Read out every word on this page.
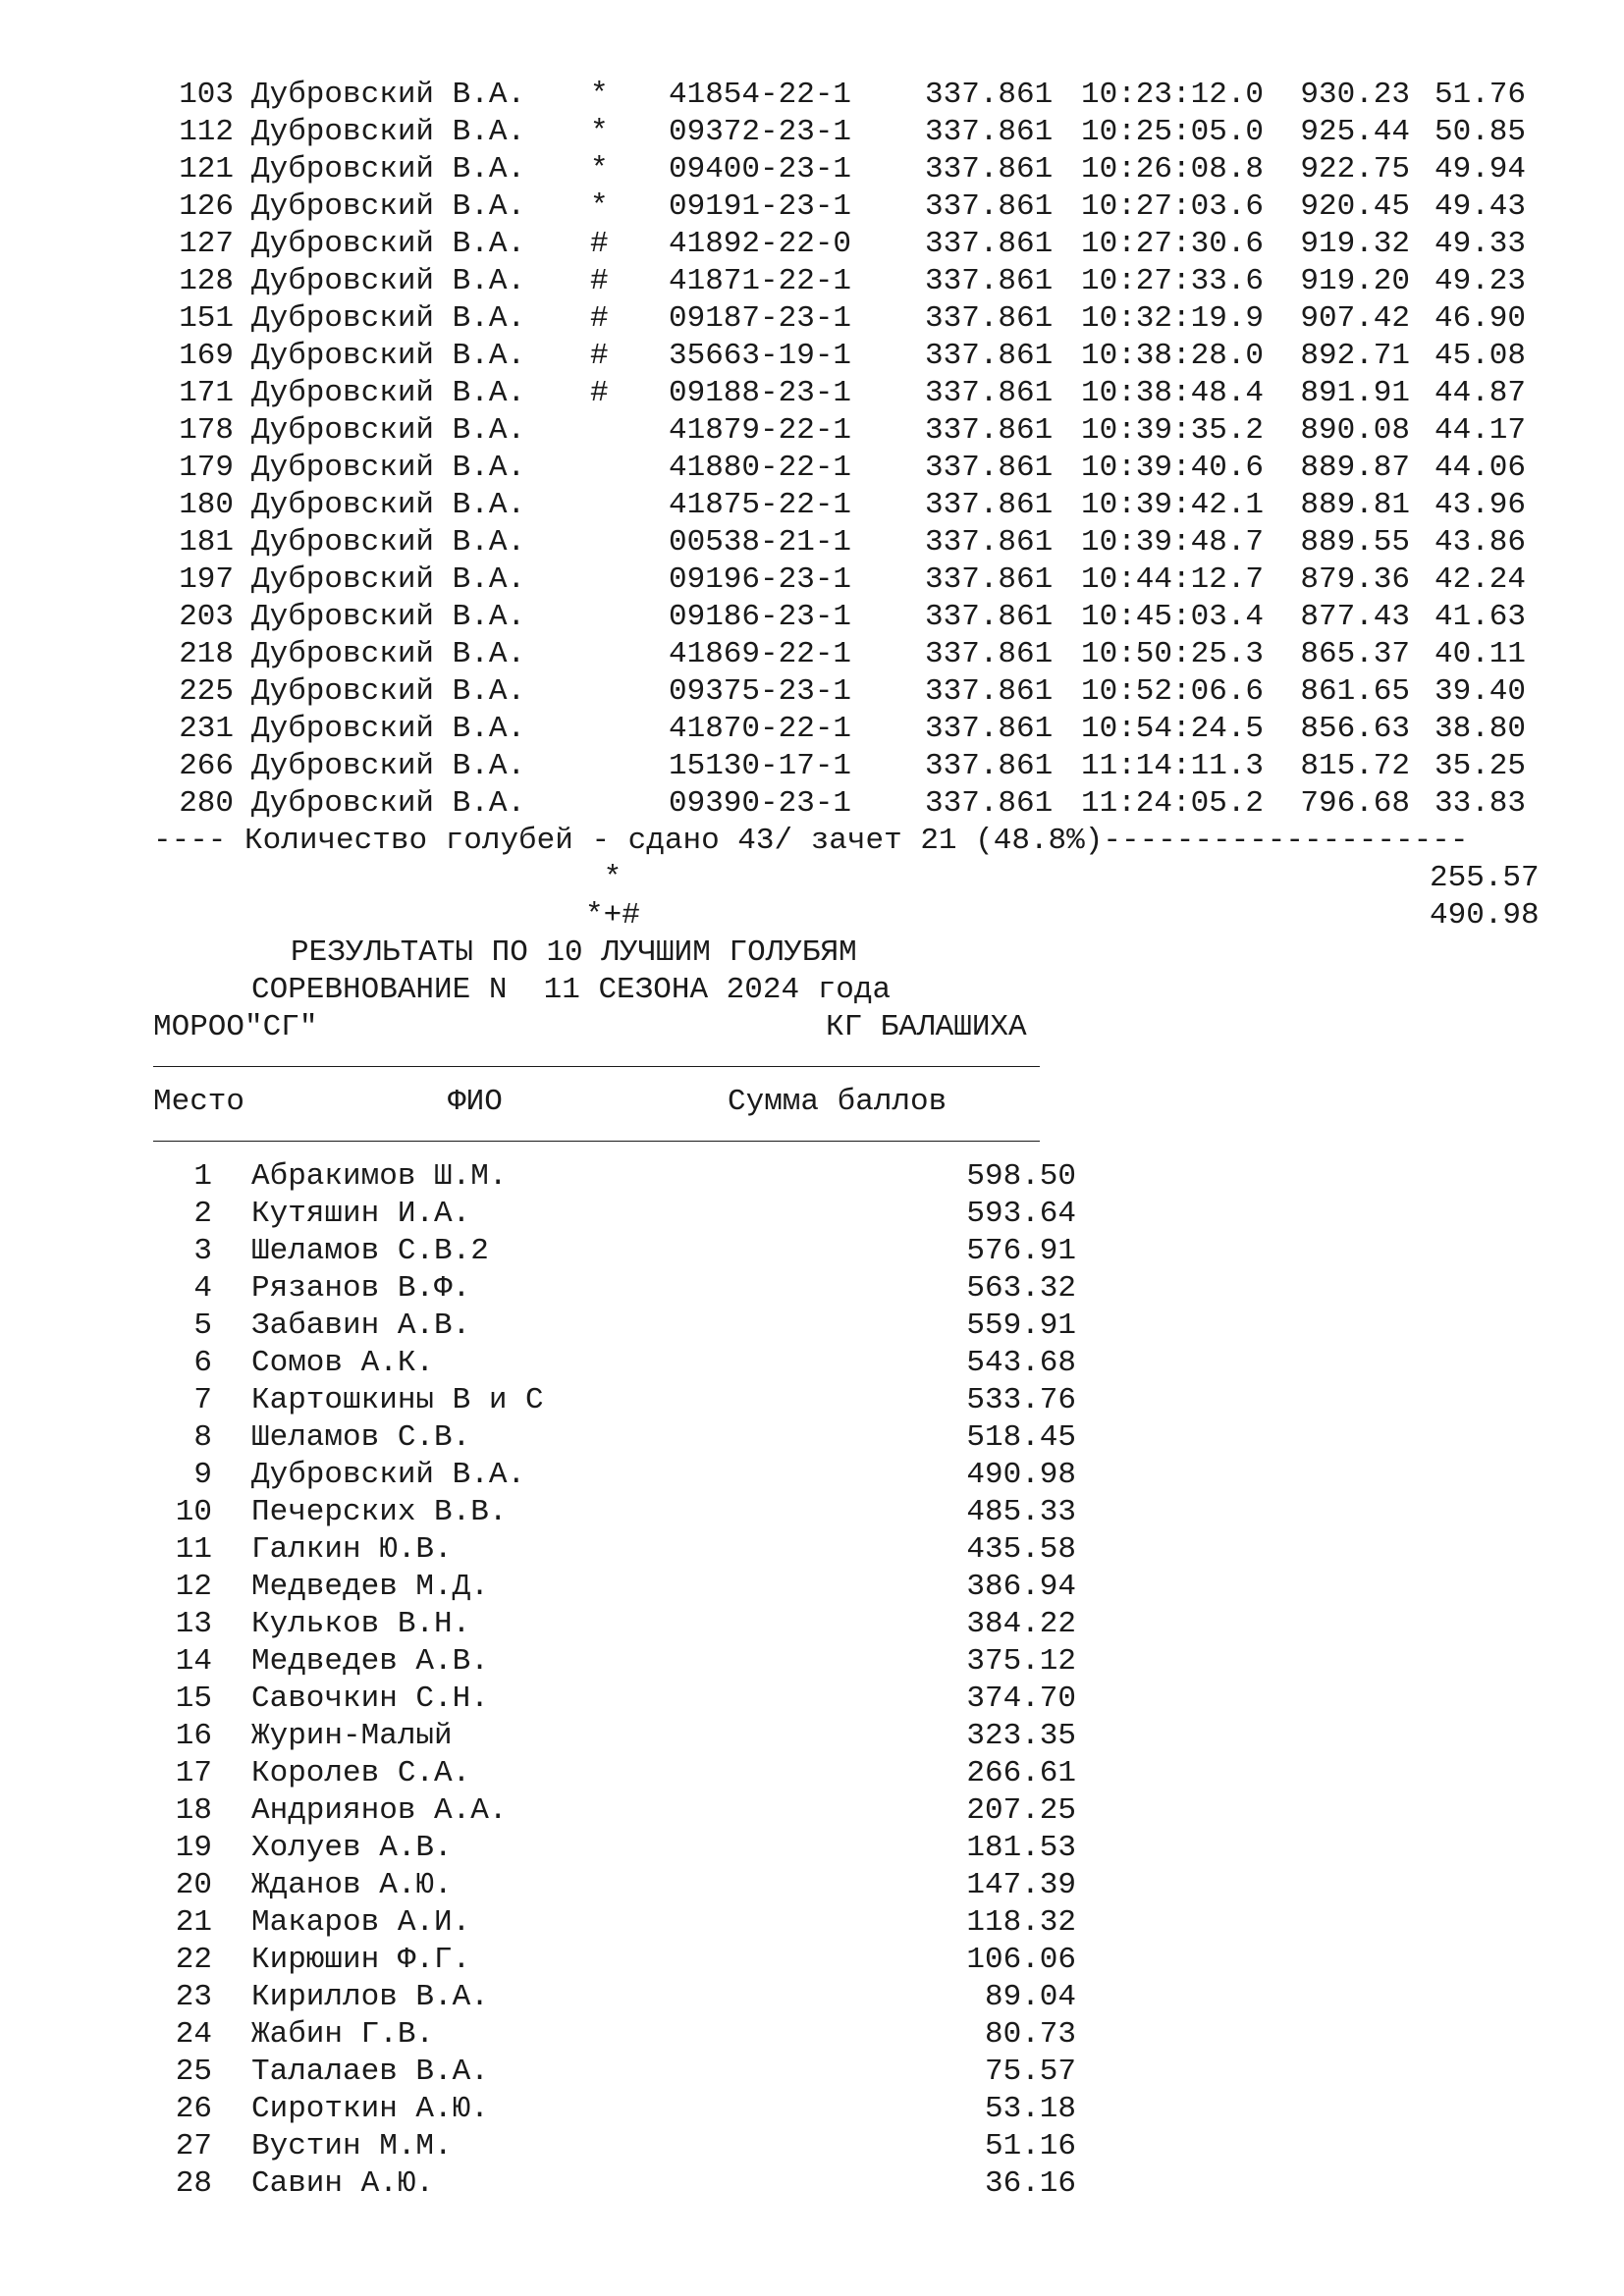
103 Дубровский В.А. * 41854-22-1 337.861 10:23:12.0	930.23 51.76
112 Дубровский В.А. * 09372-23-1 337.861 10:25:05.0	925.44 50.85
121 Дубровский В.А. * 09400-23-1 337.861 10:26:08.8	922.75 49.94
126 Дубровский В.А. * 09191-23-1 337.861 10:27:03.6	920.45 49.43
127 Дубровский В.А. # 41892-22-0 337.861 10:27:30.6	919.32 49.33
128 Дубровский В.А. # 41871-22-1 337.861 10:27:33.6	919.20 49.23
151 Дубровский В.А. # 09187-23-1 337.861 10:32:19.9	907.42 46.90
169 Дубровский В.А. # 35663-19-1 337.861 10:38:28.0	892.71 45.08
171 Дубровский В.А. # 09188-23-1 337.861 10:38:48.4	891.91 44.87
178 Дубровский В.А.	41879-22-1 337.861 10:39:35.2	890.08 44.17
179 Дубровский В.А.	41880-22-1 337.861 10:39:40.6	889.87 44.06
180 Дубровский В.А.	41875-22-1 337.861 10:39:42.1	889.81 43.96
181 Дубровский В.А.	00538-21-1 337.861 10:39:48.7	889.55 43.86
197 Дубровский В.А.	09196-23-1 337.861 10:44:12.7	879.36 42.24
203 Дубровский В.А.	09186-23-1 337.861 10:45:03.4	877.43 41.63
218 Дубровский В.А.	41869-22-1 337.861 10:50:25.3	865.37 40.11
225 Дубровский В.А.	09375-23-1 337.861 10:52:06.6	861.65 39.40
231 Дубровский В.А.	41870-22-1 337.861 10:54:24.5	856.63 38.80
266 Дубровский В.А.	15130-17-1 337.861 11:14:11.3	815.72 35.25
280 Дубровский В.А.	09390-23-1 337.861 11:24:05.2	796.68 33.83
---- Количество голубей - сдано 43/ зачет 21 (48.8%)--------------------

*

	255.57

*+#

	490.98

РЕЗУЛЬТАТЫ ПО 10 ЛУЧШИМ ГОЛУБЯМ

СОРЕВНОВАНИЕ N  11 СЕЗОНА 2024 года

МОРОО"СГ"

	КГ БАЛАШИХА

Место

	ФИО

	Сумма баллов

1 Абракимов Ш.М.	598.50
2 Кутяшин И.А.	593.64
3 Шеламов С.В.2	576.91
4 Рязанов В.Ф.	563.32
5 Забавин А.В.	559.91
6 Сомов А.К.	543.68
7 Картошкины В и С	533.76
8 Шеламов С.В.	518.45
9 Дубровский В.А.	490.98
10 Печерских В.В.	485.33
11 Галкин Ю.В.	435.58
12 Медведев М.Д.	386.94
13 Кульков В.Н.	384.22
14 Медведев А.В.	375.12
15 Савочкин С.Н.	374.70
16 Журин-Малый	323.35
17 Королев С.А.	266.61
18 Андриянов А.А.	207.25
19 Холуев А.В.	181.53
20 Жданов А.Ю.	147.39
21 Макаров А.И.	118.32
22 Кирюшин Ф.Г.	106.06
23 Кириллов В.А.	89.04
24 Жабин Г.В.	80.73
25 Талалаев В.А.	75.57
26 Сироткин А.Ю.	53.18
27 Вустин М.М.	51.16
28 Савин А.Ю.	36.16
